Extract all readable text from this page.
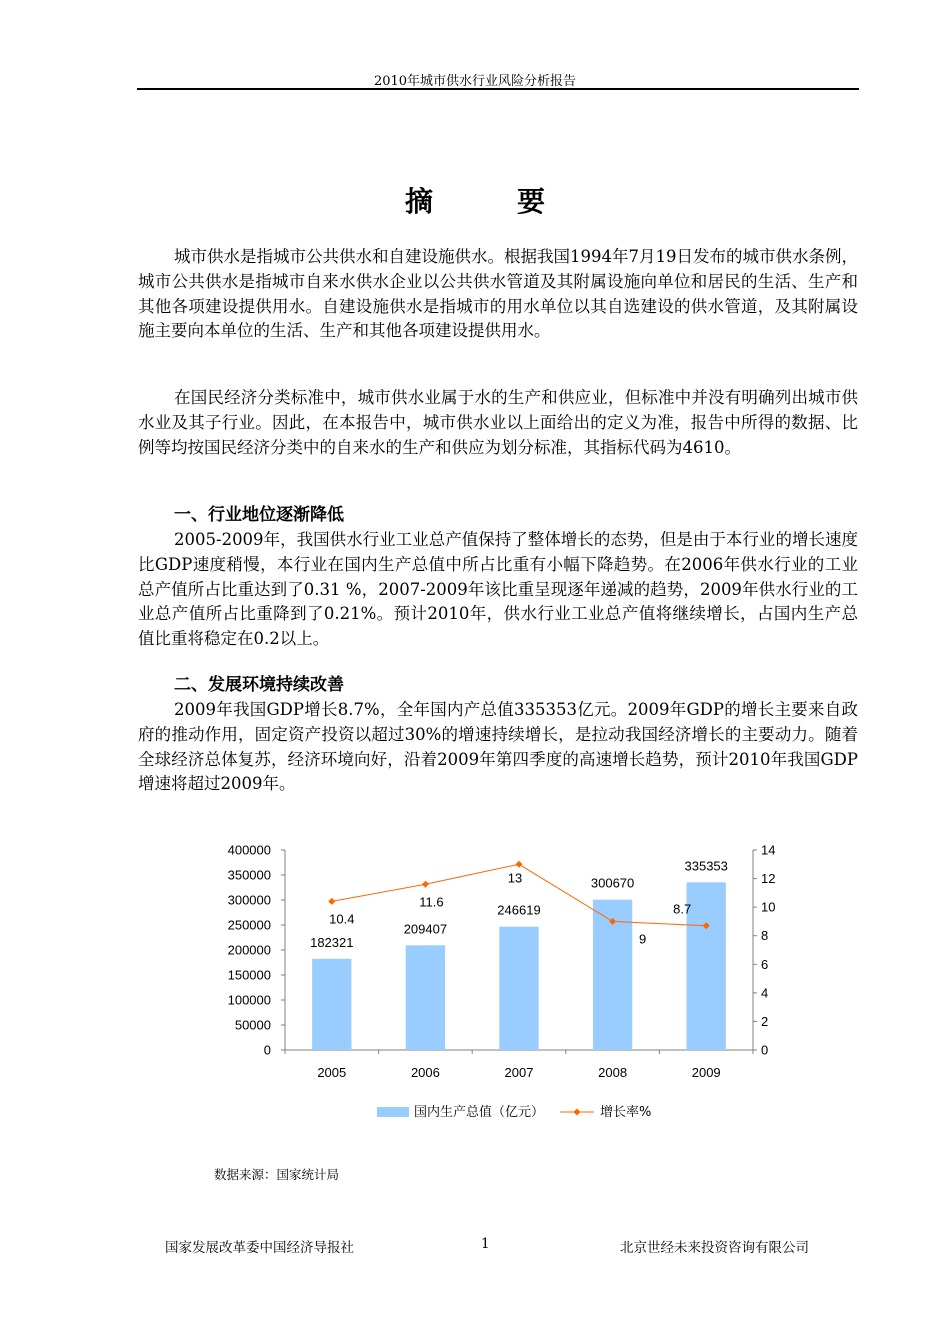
2010年城市供水行业风险分析报告
摘　要

城市供水是指城市公共供水和自建设施供水。根据我国1994年7月19日发布的城市供水条例，城市公共供水是指城市自来水供水企业以公共供水管道及其附属设施向单位和居民的生活、生产和其他各项建设提供用水。自建设施供水是指城市的用水单位以其自选建设的供水管道，及其附属设施主要向本单位的生活、生产和其他各项建设提供用水。

在国民经济分类标准中，城市供水业属于水的生产和供应业，但标准中并没有明确列出城市供水业及其子行业。因此，在本报告中，城市供水业以上面给出的定义为准，报告中所得的数据、比例等均按国民经济分类中的自来水的生产和供应为划分标准，其指标代码为4610。

一、行业地位逐渐降低

2005-2009年，我国供水行业工业总产值保持了整体增长的态势，但是由于本行业的增长速度比GDP速度稍慢，本行业在国内生产总值中所占比重有小幅下降趋势。在2006年供水行业的工业总产值所占比重达到了0.31 %，2007-2009年该比重呈现逐年递减的趋势，2009年供水行业的工业总产值所占比重降到了0.21%。预计2010年，供水行业工业总产值将继续增长，占国内生产总值比重将稳定在0.2以上。

二、发展环境持续改善

2009年我国GDP增长8.7%，全年国内产总值335353亿元。2009年GDP的增长主要来自政府的推动作用，固定资产投资以超过30%的增速持续增长，是拉动我国经济增长的主要动力。随着全球经济总体复苏，经济环境向好，沿着2009年第四季度的高速增长趋势，预计2010年我国GDP增速将超过2009年。

0
50000
100000
150000
200000
250000
300000
350000
400000
0
2
4
6
8
10
12
14
2005	2006	2007	2008	2009
182321
209407
246619
300670
335353
10.4
11.6
13
9
8.7
国内生产总值（亿元）	增长率%
数据来源：国家统计局
国家发展改革委中国经济导报社	1	北京世经未来投资咨询有限公司
